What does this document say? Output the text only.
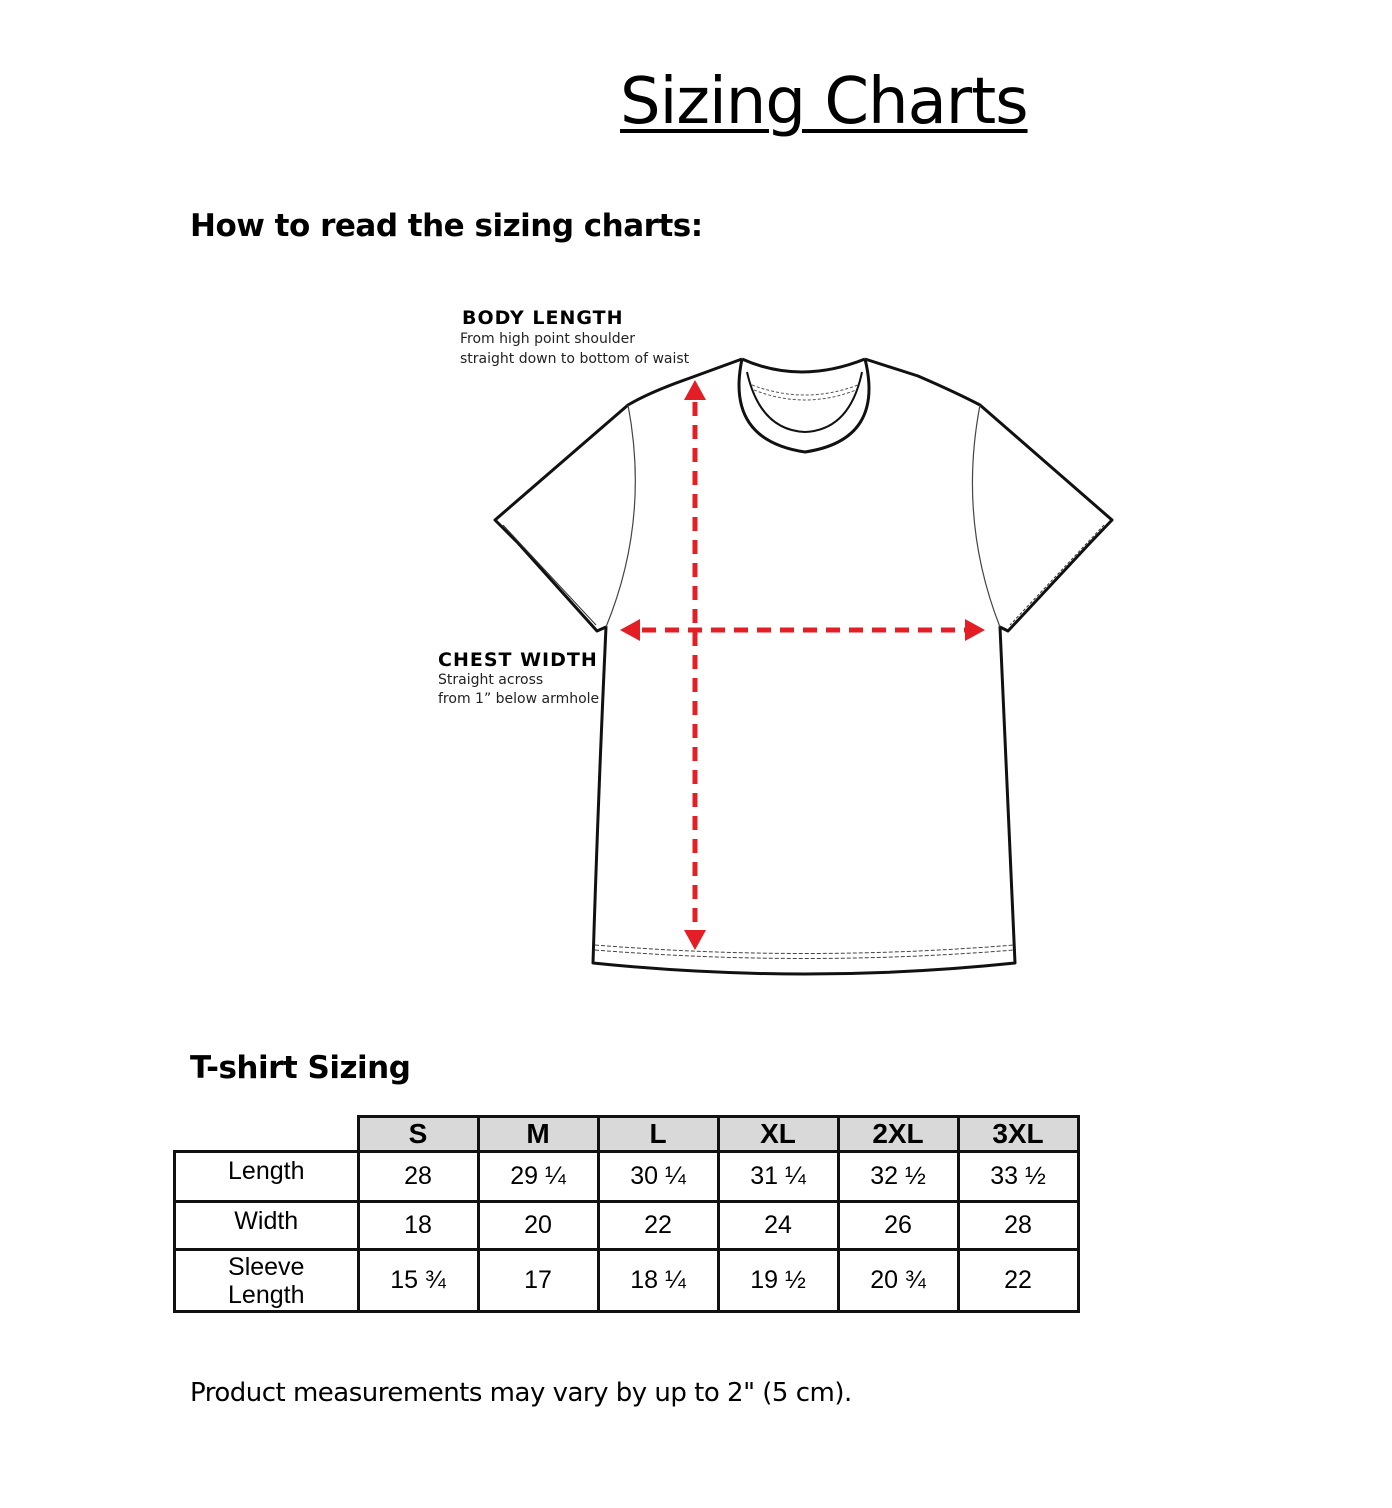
Sizing Charts
How to read the sizing charts:
BODY LENGTH
From high point shoulder
straight down to bottom of waist
CHEST WIDTH
Straight across
from 1” below armhole
T-shirt Sizing
	S	M	L	XL	2XL	3XL
Length	28	29 ¼	30 ¼	31 ¼	32 ½	33 ½
Width	18	20	22	24	26	28

Sleeve
Length	15 ¾	17	18 ¼	19 ½	20 ¾	22
Product measurements may vary by up to 2" (5 cm).
